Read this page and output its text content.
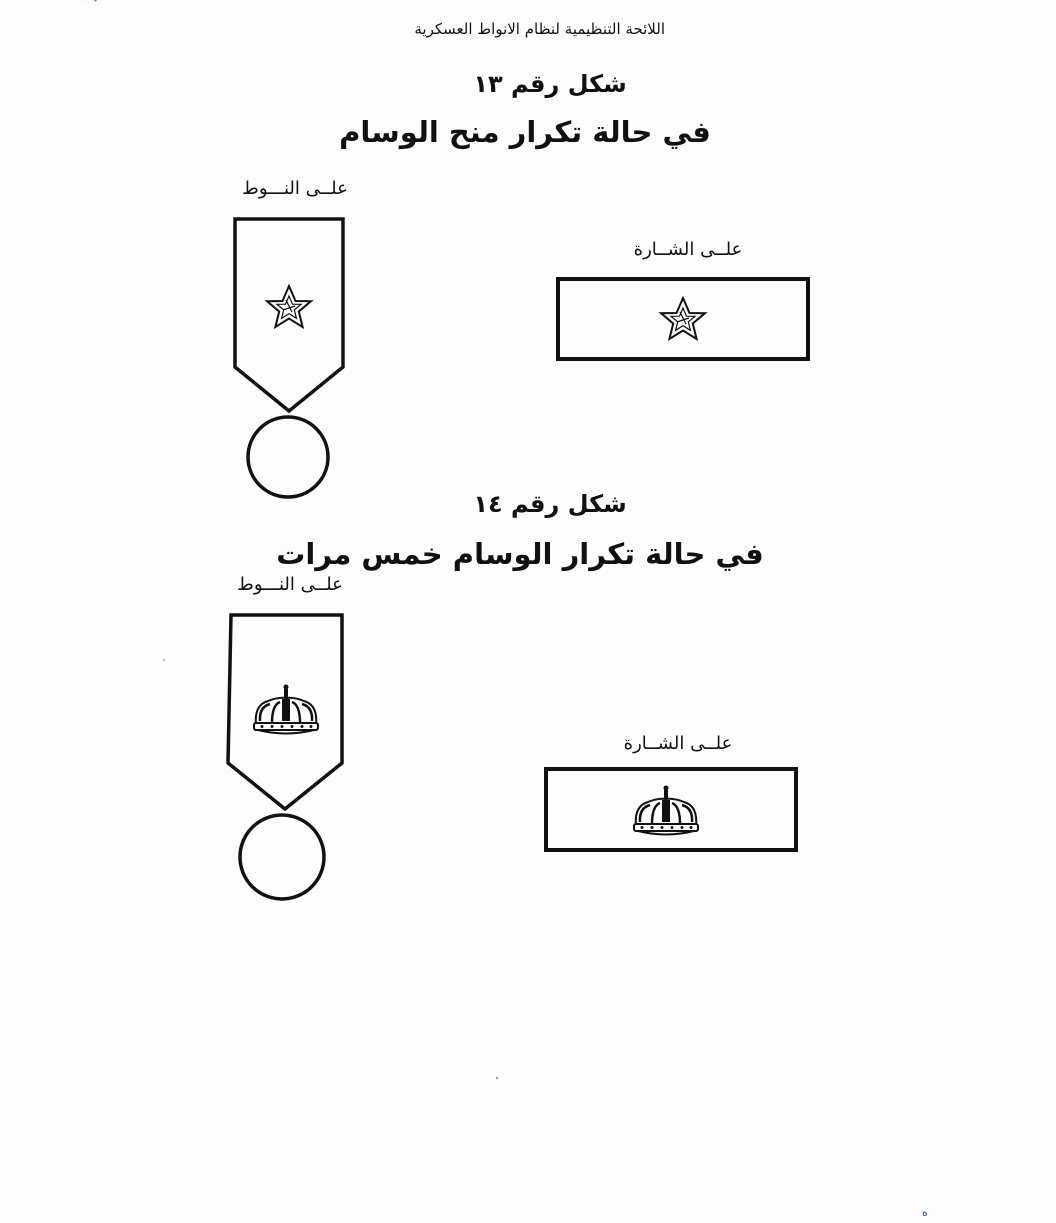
اللائحة التنظيمية لنظام الانواط العسكرية
شكل رقم ١٣
في حالة تكرار منح الوسام
علــى النـــوط
علــى الشــارة
شكل رقم ١٤
في حالة تكرار الوسام خمس مرات
علــى النـــوط
علــى الشــارة
ه
